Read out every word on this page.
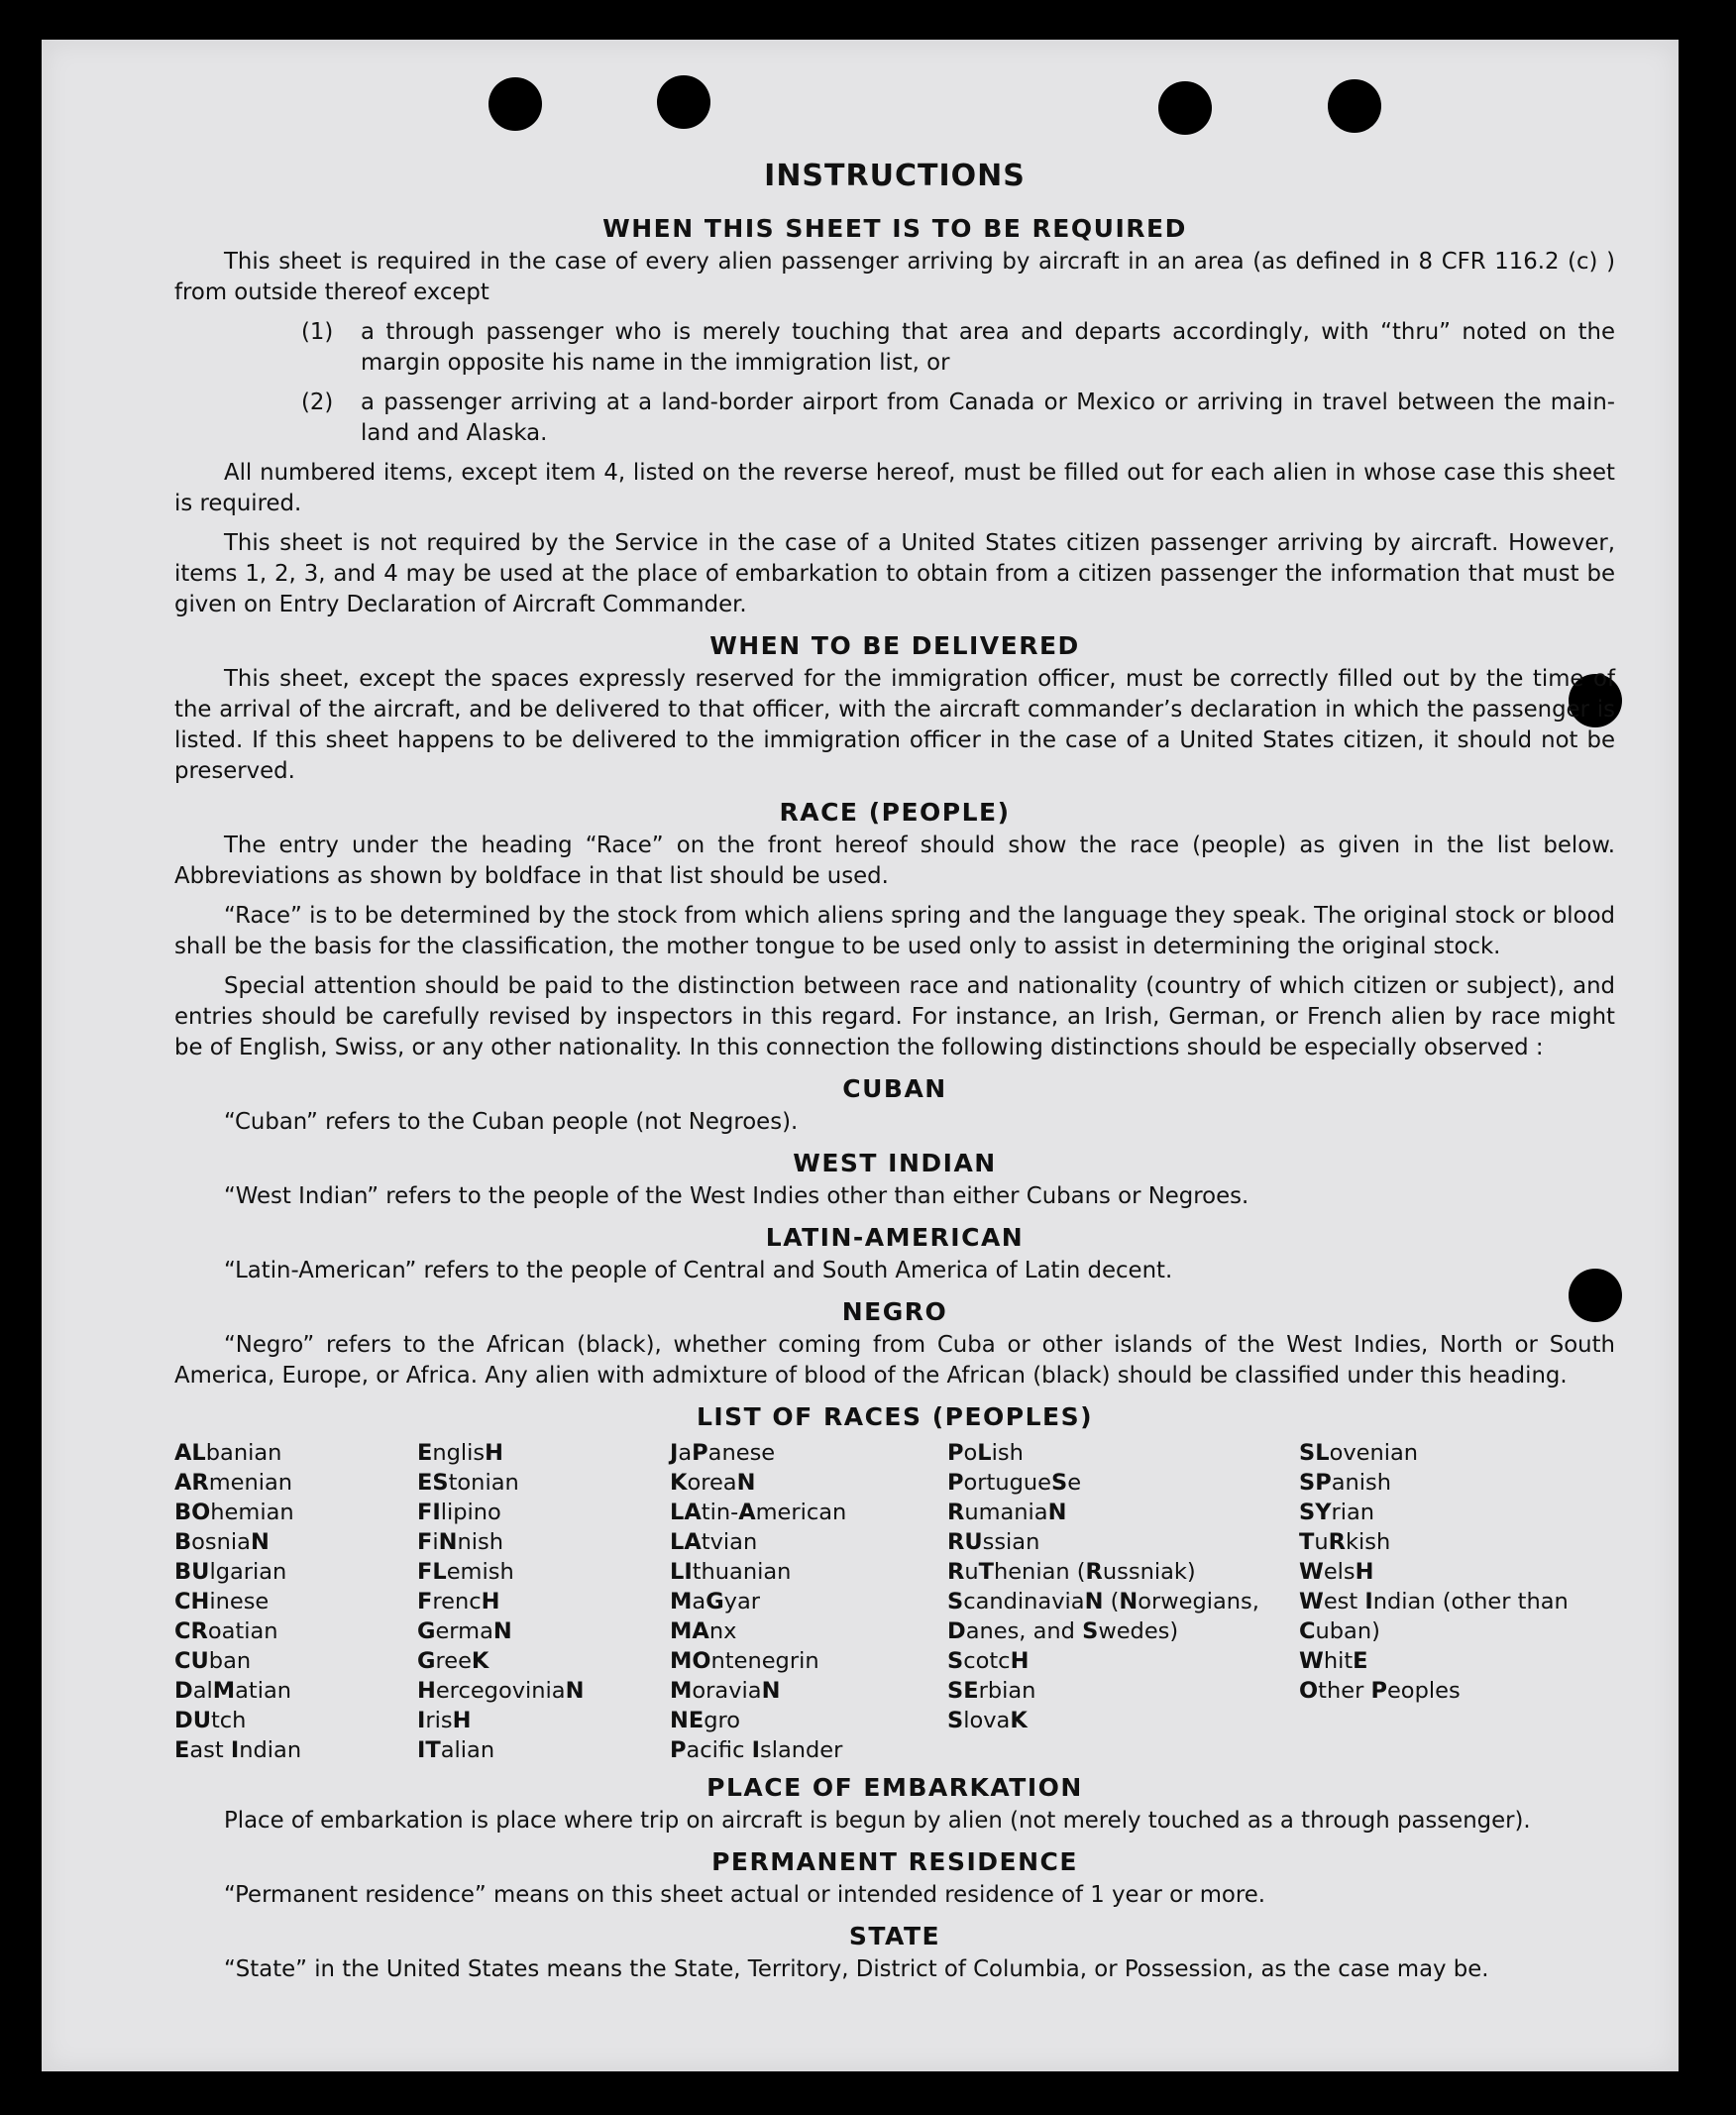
INSTRUCTIONS
WHEN THIS SHEET IS TO BE REQUIRED

This sheet is required in the case of every alien passenger arriving by aircraft in an area (as defined in 8 CFR 116.2 (c) ) from outside thereof except

(1)	a through passenger who is merely touching that area and departs accordingly, with “thru” noted on the margin opposite his name in the immigration list, or
(2)	a passenger arriving at a land-border airport from Canada or Mexico or arriving in travel between the main-land and Alaska.

All numbered items, except item 4, listed on the reverse hereof, must be filled out for each alien in whose case this sheet is required.

This sheet is not required by the Service in the case of a United States citizen passenger arriving by aircraft. However, items 1, 2, 3, and 4 may be used at the place of embarkation to obtain from a citizen passenger the information that must be given on Entry Declaration of Aircraft Commander.

WHEN TO BE DELIVERED

This sheet, except the spaces expressly reserved for the immigration officer, must be correctly filled out by the time of the arrival of the aircraft, and be delivered to that officer, with the aircraft commander’s declaration in which the passenger is listed. If this sheet happens to be delivered to the immigration officer in the case of a United States citizen, it should not be preserved.

RACE (PEOPLE)

The entry under the heading “Race” on the front hereof should show the race (people) as given in the list below. Abbreviations as shown by boldface in that list should be used.

“Race” is to be determined by the stock from which aliens spring and the language they speak. The original stock or blood shall be the basis for the classification, the mother tongue to be used only to assist in determining the original stock.

Special attention should be paid to the distinction between race and nationality (country of which citizen or subject), and entries should be carefully revised by inspectors in this regard. For instance, an Irish, German, or French alien by race might be of English, Swiss, or any other nationality. In this connection the following distinctions should be especially observed :

CUBAN

“Cuban” refers to the Cuban people (not Negroes).

WEST INDIAN

“West Indian” refers to the people of the West Indies other than either Cubans or Negroes.

LATIN-AMERICAN

“Latin-American” refers to the people of Central and South America of Latin decent.

NEGRO

“Negro” refers to the African (black), whether coming from Cuba or other islands of the West Indies, North or South America, Europe, or Africa. Any alien with admixture of blood of the African (black) should be classified under this heading.

LIST OF RACES (PEOPLES)
ALbanian
ARmenian
BOhemian
BosniaN
BUlgarian
CHinese
CRoatian
CUban
DalMatian
DUtch
East Indian
EnglisH
EStonian
FIlipino
FiNnish
FLemish
FrencH
GermaN
GreeK
HercegoviniaN
IrisH
ITalian
JaPanese
KoreaN
LAtin-American
LAtvian
LIthuanian
MaGyar
MAnx
MOntenegrin
MoraviaN
NEgro
Pacific Islander
PoLish
PortugueSe
RumaniaN
RUssian
RuThenian (Russniak)
ScandinaviaN (Norwegians, Danes, and Swedes)
ScotcH
SErbian
SlovaK
SLovenian
SPanish
SYrian
TuRkish
WelsH
West Indian (other than Cuban)
WhitE
Other Peoples
PLACE OF EMBARKATION

Place of embarkation is place where trip on aircraft is begun by alien (not merely touched as a through passenger).

PERMANENT RESIDENCE

“Permanent residence” means on this sheet actual or intended residence of 1 year or more.

STATE

“State” in the United States means the State, Territory, District of Columbia, or Possession, as the case may be.
